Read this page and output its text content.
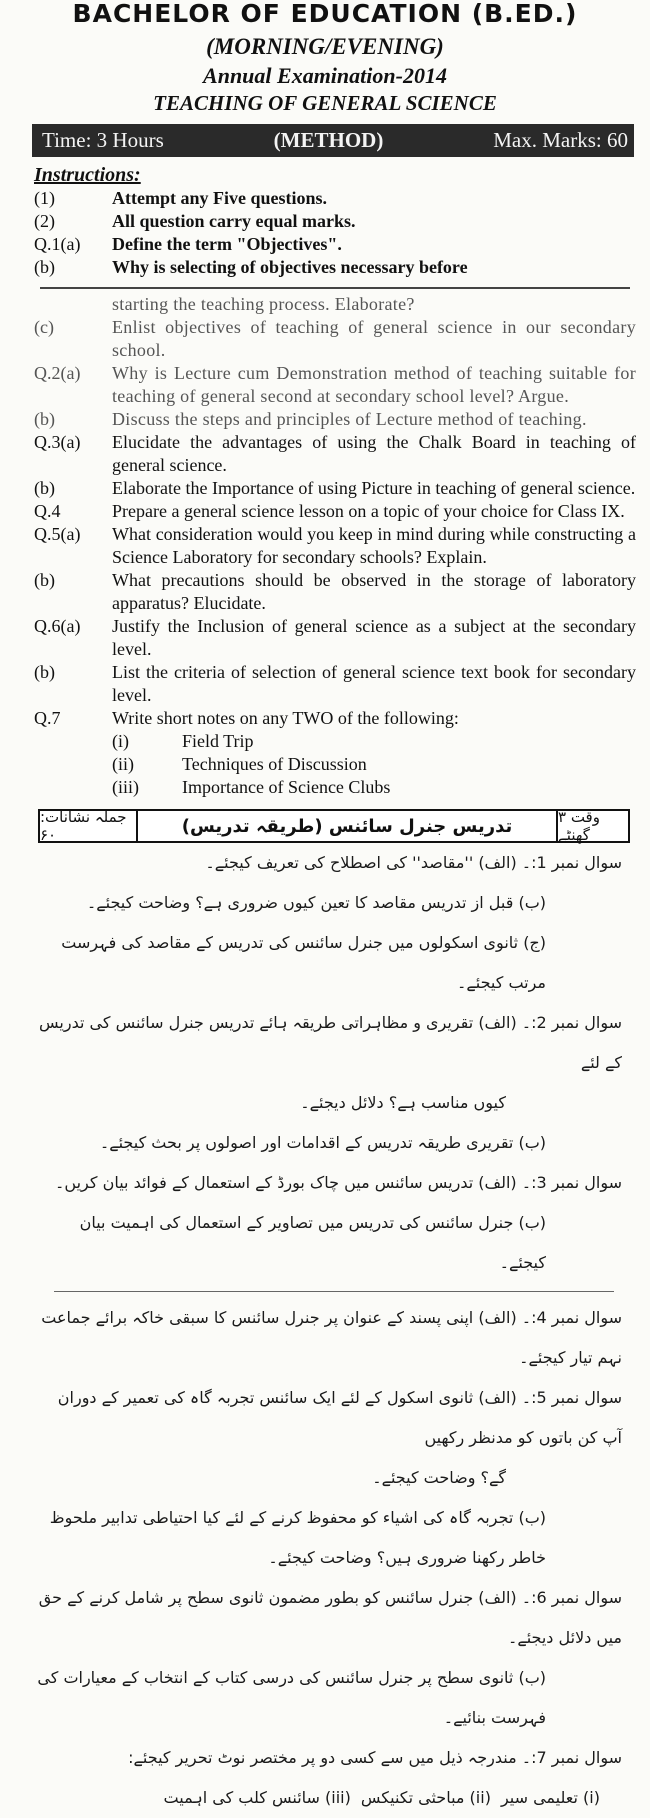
BACHELOR OF EDUCATION (B.ED.)
(MORNING/EVENING)
Annual Examination-2014
TEACHING OF GENERAL SCIENCE
Time: 3 Hours	(METHOD)	Max. Marks: 60
Instructions:
(1)	Attempt any Five questions.
(2)	All question carry equal marks.
Q.1(a)	Define the term "Objectives".
(b)	Why is selecting of objectives necessary before
starting the teaching process. Elaborate?
(c)	Enlist objectives of teaching of general science in our secondary school.
Q.2(a)	Why is Lecture cum Demonstration method of teaching suitable for teaching of general second at secondary school level? Argue.
(b)	Discuss the steps and principles of Lecture method of teaching.
Q.3(a)	Elucidate the advantages of using the Chalk Board in teaching of general science.
(b)	Elaborate the Importance of using Picture in teaching of general science.
Q.4	Prepare a general science lesson on a topic of your choice for Class IX.
Q.5(a)	What consideration would you keep in mind during while constructing a Science Laboratory for secondary schools? Explain.
(b)	What precautions should be observed in the storage of laboratory apparatus? Elucidate.
Q.6(a)	Justify the Inclusion of general science as a subject at the secondary level.
(b)	List the criteria of selection of general science text book for secondary level.
Q.7	Write short notes on any TWO of the following:
(i)	Field Trip
(ii)	Techniques of Discussion
(iii)	Importance of Science Clubs
جملہ نشانات: ۶۰	تدریس جنرل سائنس (طریقہ تدریس)	وقت ۳ گھنٹے
سوال نمبر 1:۔ (الف) ''مقاصد'' کی اصطلاح کی تعریف کیجئے۔
(ب) قبل از تدریس مقاصد کا تعین کیوں ضروری ہے؟ وضاحت کیجئے۔
(ج) ثانوی اسکولوں میں جنرل سائنس کی تدریس کے مقاصد کی فہرست مرتب کیجئے۔
سوال نمبر 2:۔ (الف) تقریری و مظاہراتی طریقہ ہائے تدریس جنرل سائنس کی تدریس کے لئے
کیوں مناسب ہے؟ دلائل دیجئے۔
(ب) تقریری طریقہ تدریس کے اقدامات اور اصولوں پر بحث کیجئے۔
سوال نمبر 3:۔ (الف) تدریس سائنس میں چاک بورڈ کے استعمال کے فوائد بیان کریں۔
(ب) جنرل سائنس کی تدریس میں تصاویر کے استعمال کی اہمیت بیان کیجئے۔
سوال نمبر 4:۔ (الف) اپنی پسند کے عنوان پر جنرل سائنس کا سبقی خاکہ برائے جماعت نہم تیار کیجئے۔
سوال نمبر 5:۔ (الف) ثانوی اسکول کے لئے ایک سائنس تجربہ گاہ کی تعمیر کے دوران آپ کن باتوں کو مدنظر رکھیں
گے؟ وضاحت کیجئے۔
(ب) تجربہ گاہ کی اشیاء کو محفوظ کرنے کے لئے کیا احتیاطی تدابیر ملحوظ خاطر رکھنا ضروری ہیں؟ وضاحت کیجئے۔
سوال نمبر 6:۔ (الف) جنرل سائنس کو بطور مضمون ثانوی سطح پر شامل کرنے کے حق میں دلائل دیجئے۔
(ب) ثانوی سطح پر جنرل سائنس کی درسی کتاب کے انتخاب کے معیارات کی فہرست بنائیے۔
سوال نمبر 7:۔ مندرجہ ذیل میں سے کسی دو پر مختصر نوٹ تحریر کیجئے:
(i) تعلیمی سیر
(ii) مباحثی تکنیکس
(iii) سائنس کلب کی اہمیت
